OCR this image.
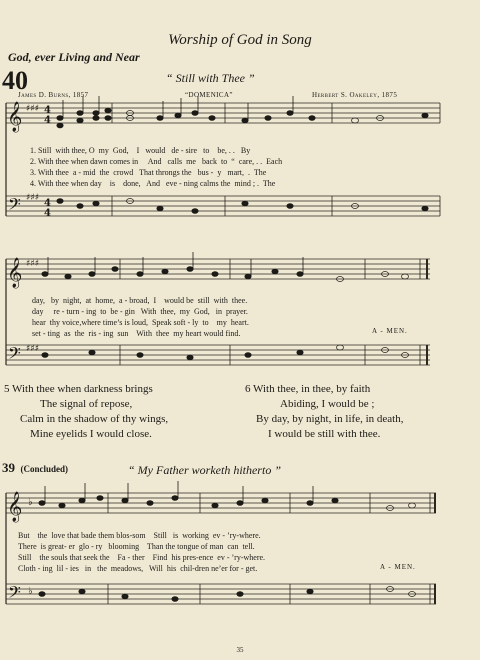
Worship of God in Song
God, ever Living and Near
40	“ Still with Thee ”
James D. Burns, 1857	“DOMENICA”	Herbert S. Oakeley, 1875
𝄞
𝄢
𝄞
𝄢
𝄞
𝄢
♯♯♯
♯♯♯
♯♯♯
♯♯♯
♭
♭
4
4
4
4
1. Still  with thee, O  my  God,    I   would   de - sire   to    be, . .   By
2. With thee when dawn comes in     And   calls  me   back  to  “  care, . .  Each
3. With thee  a - mid  the  crowd   That throngs the   bus -  y   mart,  .  The
4. With thee when day    is    done,   And   eve - ning calms the  mind ; .  The
day,   by  night,  at  home,  a - broad,  I    would be  still  with  thee.
day     re - turn - ing  to  be - gin   With  thee,  my  God,   in  prayer.
hear  thy voice,where time’s is loud,  Speak soft - ly  to    my  heart.
set - ting  as  the  ris - ing  sun    With  thee  my heart would find.	A - MEN.
5 With thee when darkness brings
The signal of repose,
Calm in the shadow of thy wings,
Mine eyelids I would close.
6 With thee, in thee, by faith
Abiding, I would be ;
By day, by night, in life, in death,
I would be still with thee.
39  (Concluded)	“ My Father worketh hitherto ”
But    the  love that bade them blos-som    Still   is  working  ev - ’ry-where.
There  is great- er  glo - ry   blooming    Than the tongue of man  can  tell.
Still    the souls that seek the    Fa - ther    Find  his pres-ence  ev - ’ry-where.
Cloth - ing  lil - ies   in   the  meadows,   Will  his  chil-dren ne’er for - get.	A - MEN.
35
